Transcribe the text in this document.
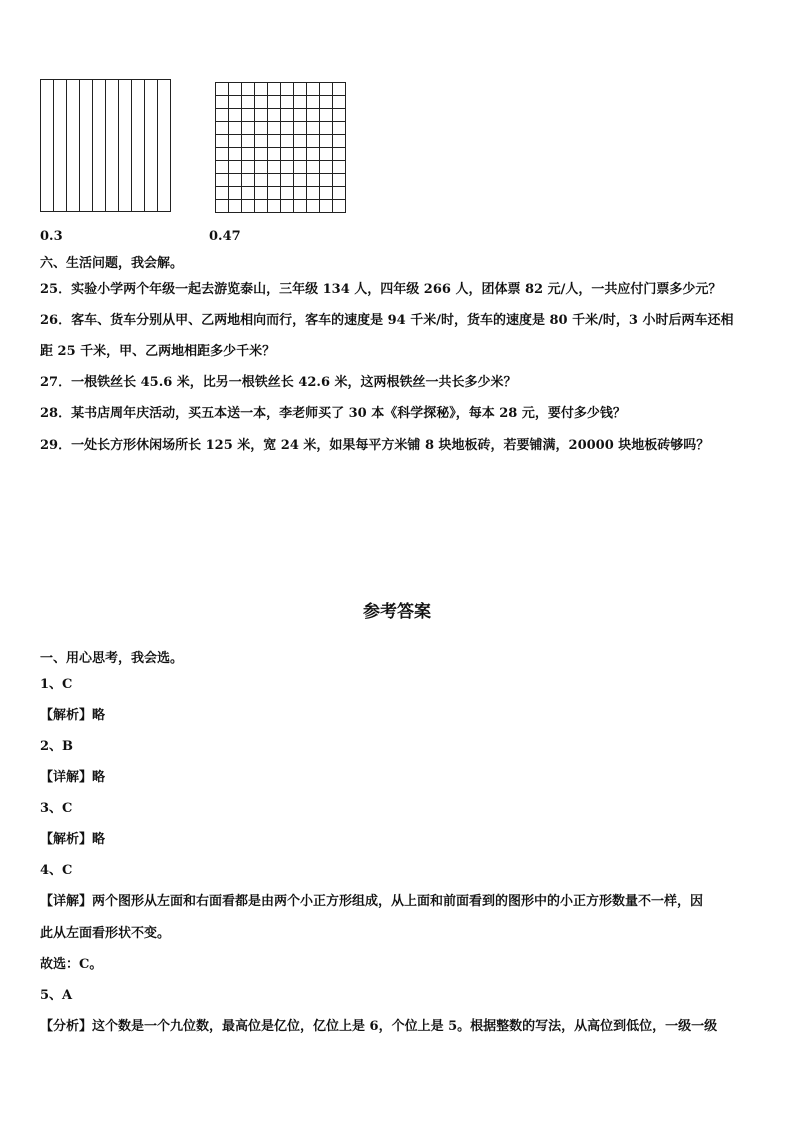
0.3	0.47
六、生活问题，我会解。
25．实验小学两个年级一起去游览泰山，三年级 134 人，四年级 266 人，团体票 82 元/人，一共应付门票多少元？
26．客车、货车分别从甲、乙两地相向而行，客车的速度是 94 千米/时，货车的速度是 80 千米/时，3 小时后两车还相
距 25 千米，甲、乙两地相距多少千米？
27．一根铁丝长 45.6 米，比另一根铁丝长 42.6 米，这两根铁丝一共长多少米？
28．某书店周年庆活动，买五本送一本，李老师买了 30 本《科学探秘》，每本 28 元，要付多少钱？
29．一处长方形休闲场所长 125 米，宽 24 米，如果每平方米铺 8 块地板砖，若要铺满，20000 块地板砖够吗？
参考答案
一、用心思考，我会选。
1、C
【解析】略
2、B
【详解】略
3、C
【解析】略
4、C
【详解】两个图形从左面和右面看都是由两个小正方形组成，从上面和前面看到的图形中的小正方形数量不一样，因
此从左面看形状不变。
故选：C。
5、A
【分析】这个数是一个九位数，最高位是亿位，亿位上是 6，个位上是 5。根据整数的写法，从高位到低位，一级一级
